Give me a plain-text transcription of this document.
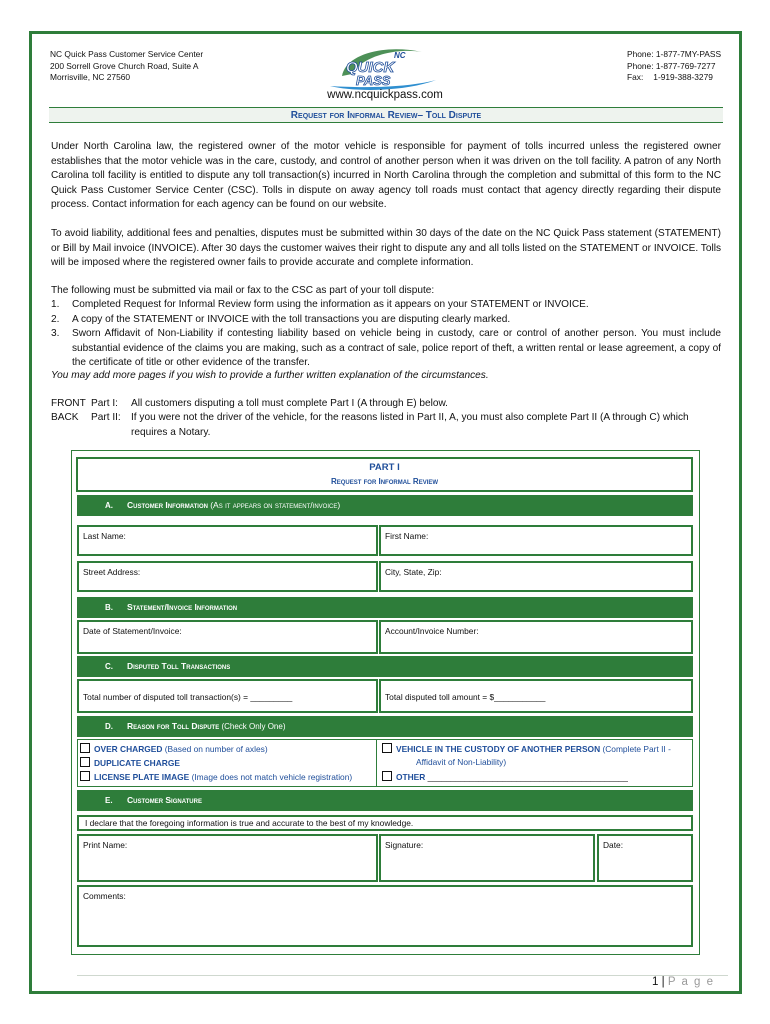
NC Quick Pass Customer Service Center
200 Sorrell Grove Church Road, Suite A
Morrisville, NC 27560
NC
QUICK
PASS
Phone: 1-877-7MY-PASS
Phone: 1-877-769-7277
Fax: 1-919-388-3279
www.ncquickpass.com
Request for Informal Review– Toll Dispute
Under North Carolina law, the registered owner of the motor vehicle is responsible for payment of tolls incurred unless the registered owner establishes that the motor vehicle was in the care, custody, and control of another person when it was driven on the toll facility. A patron of any North Carolina toll facility is entitled to dispute any toll transaction(s) incurred in North Carolina through the completion and submittal of this form to the NC Quick Pass Customer Service Center (CSC). Tolls in dispute on away agency toll roads must contact that agency directly regarding their dispute process. Contact information for each agency can be found on our website.
To avoid liability, additional fees and penalties, disputes must be submitted within 30 days of the date on the NC Quick Pass statement (STATEMENT) or Bill by Mail invoice (INVOICE). After 30 days the customer waives their right to dispute any and all tolls listed on the STATEMENT or INVOICE. Tolls will be imposed where the registered owner fails to provide accurate and complete information.
The following must be submitted via mail or fax to the CSC as part of your toll dispute:
1. Completed Request for Informal Review form using the information as it appears on your STATEMENT or INVOICE.
2. A copy of the STATEMENT or INVOICE with the toll transactions you are disputing clearly marked.
3. Sworn Affidavit of Non-Liability if contesting liability based on vehicle being in custody, care or control of another person. You must include substantial evidence of the claims you are making, such as a contract of sale, police report of theft, a written rental or lease agreement, a copy of the certificate of title or other evidence of the transfer.
You may add more pages if you wish to provide a further written explanation of the circumstances.
FRONT Part I: All customers disputing a toll must complete Part I (A through E) below.
BACK Part II: If you were not the driver of the vehicle, for the reasons listed in Part II, A, you must also complete Part II (A through C) which requires a Notary.
PART I
Request for Informal Review
A. Customer Information (As it appears on statement/invoice)
Last Name:	First Name:
Street Address:	City, State, Zip:
B. Statement/Invoice Information
Date of Statement/Invoice:	Account/Invoice Number:
C. Disputed Toll Transactions
Total number of disputed toll transaction(s) = _________	Total disputed toll amount = $___________
D. Reason for Toll Dispute (Check Only One)
OVER CHARGED (Based on number of axles)
DUPLICATE CHARGE
LICENSE PLATE IMAGE (Image does not match vehicle registration)
VEHICLE IN THE CUSTODY OF ANOTHER PERSON (Complete Part II -
Affidavit of Non-Liability)
OTHER ___________________________________________
E. Customer Signature
I declare that the foregoing information is true and accurate to the best of my knowledge.
Print Name:	Signature:	Date:
Comments:
1 | P a g e
